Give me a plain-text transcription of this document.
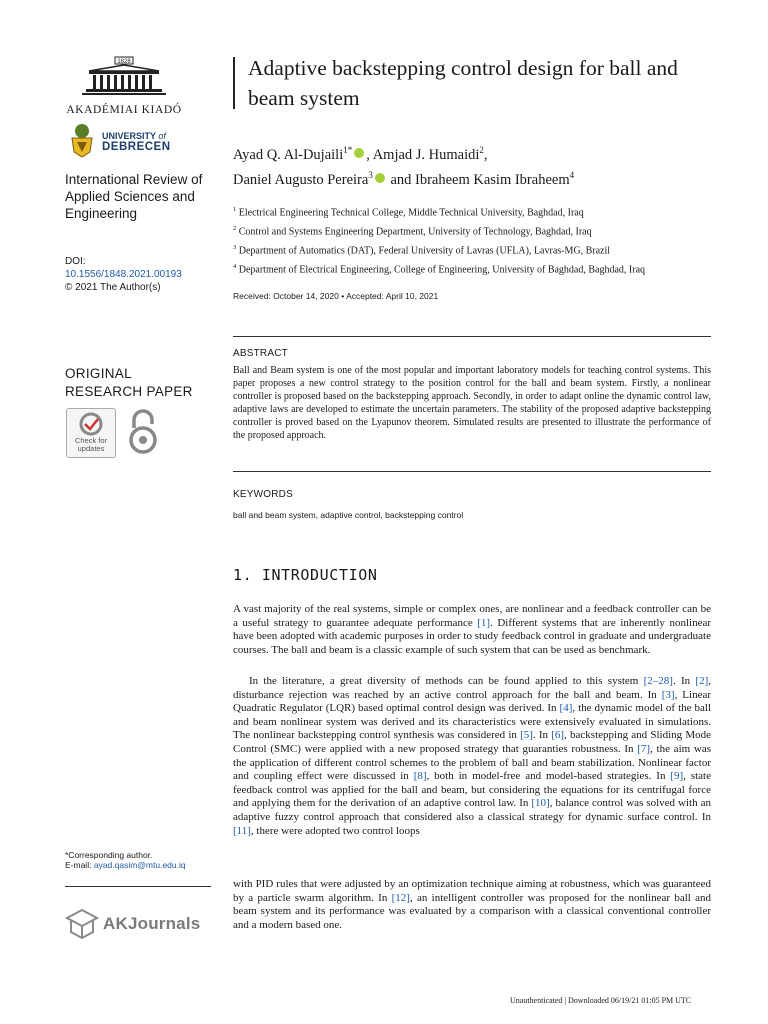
1828
AKADÉMIAI KIADÓ
UNIVERSITY of
DEBRECEN
International Review of Applied Sciences and Engineering
DOI:
10.1556/1848.2021.00193
© 2021 The Author(s)
ORIGINAL RESEARCH PAPER
Check for updates
*Corresponding author.
E-mail: ayad.qasim@mtu.edu.iq
AKJournals
Adaptive backstepping control design for ball and beam system
Ayad Q. Al-Dujaili$^{1*}$ , Amjad J. Humaidi$^2$,
Daniel Augusto Pereira$^3$ and Ibraheem Kasim Ibraheem$^4$
$^1$ Electrical Engineering Technical College, Middle Technical University, Baghdad, Iraq
$^2$ Control and Systems Engineering Department, University of Technology, Baghdad, Iraq
$^3$ Department of Automatics (DAT), Federal University of Lavras (UFLA), Lavras-MG, Brazil
$^4$ Department of Electrical Engineering, College of Engineering, University of Baghdad, Baghdad, Iraq
Received: October 14, 2020 • Accepted: April 10, 2021
ABSTRACT
Ball and Beam system is one of the most popular and important laboratory models for teaching control systems. This paper proposes a new control strategy to the position control for the ball and beam system. Firstly, a nonlinear controller is proposed based on the backstepping approach. Secondly, in order to adapt online the dynamic control law, adaptive laws are developed to estimate the uncertain parameters. The stability of the proposed adaptive backstepping controller is proved based on the Lyapunov theorem. Simulated results are presented to illustrate the performance of the proposed approach.
KEYWORDS
ball and beam system, adaptive control, backstepping control
1. INTRODUCTION
A vast majority of the real systems, simple or complex ones, are nonlinear and a feedback controller can be a useful strategy to guarantee adequate performance [1]. Different systems that are inherently nonlinear have been adopted with academic purposes in order to study feedback control in graduate and undergraduate courses. The ball and beam is a classic example of such system that can be used as benchmark.
In the literature, a great diversity of methods can be found applied to this system [2–28]. In [2], disturbance rejection was reached by an active control approach for the ball and beam. In [3], Linear Quadratic Regulator (LQR) based optimal control design was derived. In [4], the dynamic model of the ball and beam nonlinear system was derived and its characteristics were extensively evaluated in simulations. The nonlinear backstepping control synthesis was considered in [5]. In [6], backstepping and Sliding Mode Control (SMC) were applied with a new proposed strategy that guaranties robustness. In [7], the aim was the application of different control schemes to the problem of ball and beam stabilization. Nonlinear factor and coupling effect were discussed in [8], both in model-free and model-based strategies. In [9], state feedback control was applied for the ball and beam, but considering the equations for its centrifugal force and applying them for the derivation of an adaptive control law. In [10], balance control was solved with an adaptive fuzzy control approach that considered also a classical strategy for dynamic surface control. In [11], there were adopted two control loops
with PID rules that were adjusted by an optimization technique aiming at robustness, which was guaranteed by a particle swarm algorithm. In [12], an intelligent controller was proposed for the nonlinear ball and beam system and its performance was evaluated by a comparison with a classical conventional controller and a modern based one.
Unauthenticated | Downloaded 06/19/21 01:05 PM UTC
